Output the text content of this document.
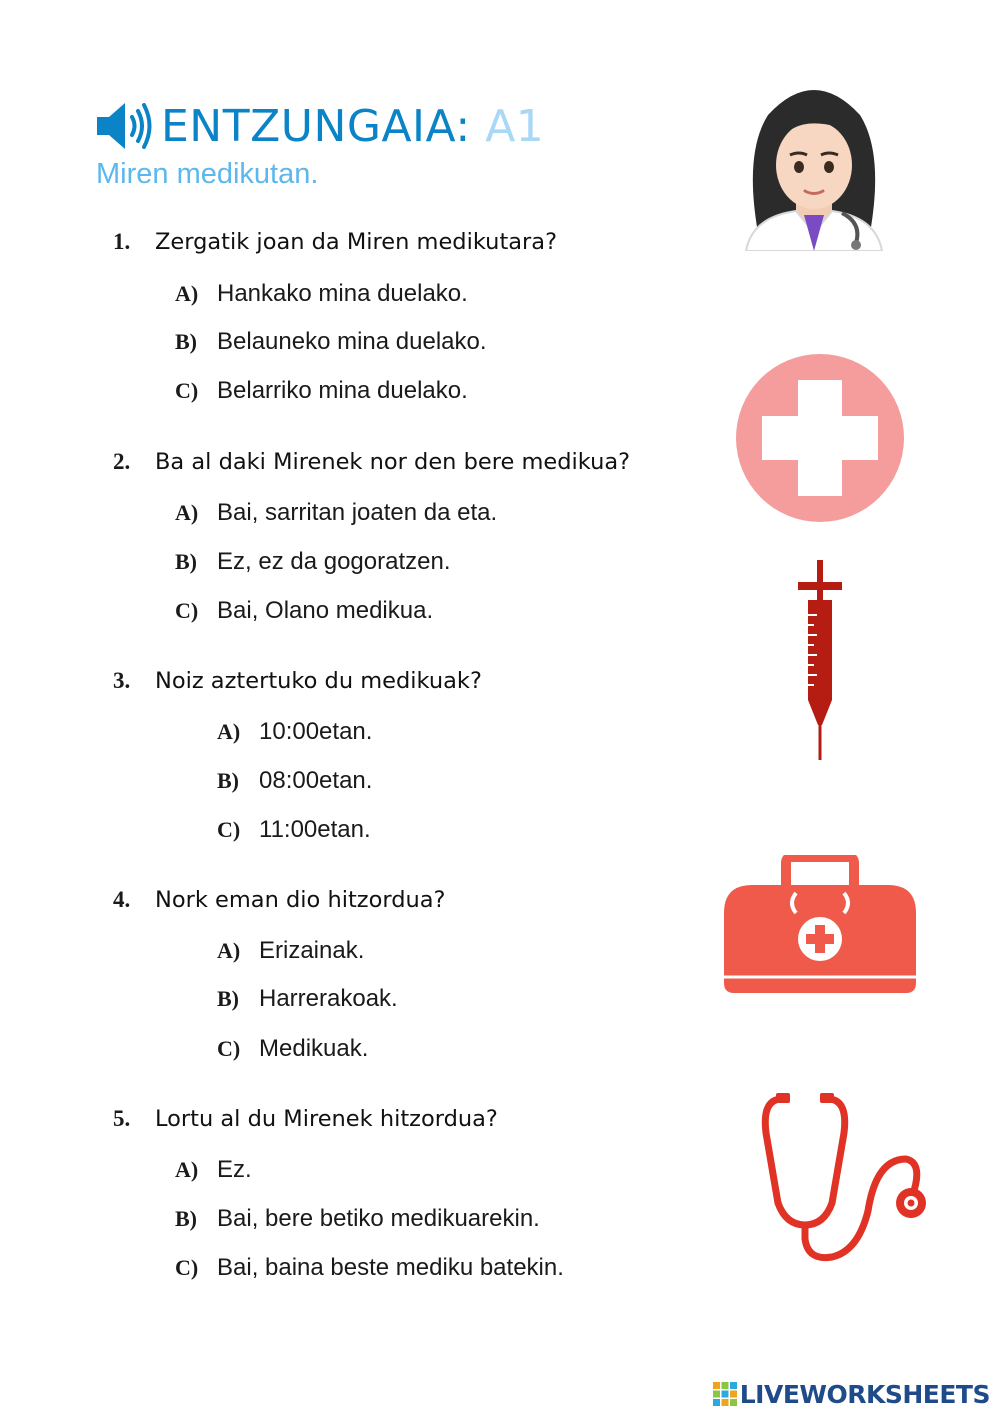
ENTZUNGAIA: A1
Miren medikutan.
1.	Zergatik joan da Miren medikutara?
A) Hankako mina duelako.
B) Belauneko mina duelako.
C) Belarriko mina duelako.
2.	Ba al daki Mirenek nor den bere medikua?
A) Bai, sarritan joaten da eta.
B) Ez, ez da gogoratzen.
C) Bai, Olano medikua.
3.	Noiz aztertuko du medikuak?
A) 10:00etan.
B) 08:00etan.
C) 11:00etan.
4.	Nork eman dio hitzordua?
A) Erizainak.
B) Harrerakoak.
C) Medikuak.
5.	Lortu al du Mirenek hitzordua?
A) Ez.
B) Bai, bere betiko medikuarekin.
C) Bai, baina beste mediku batekin.
LIVEWORKSHEETS
